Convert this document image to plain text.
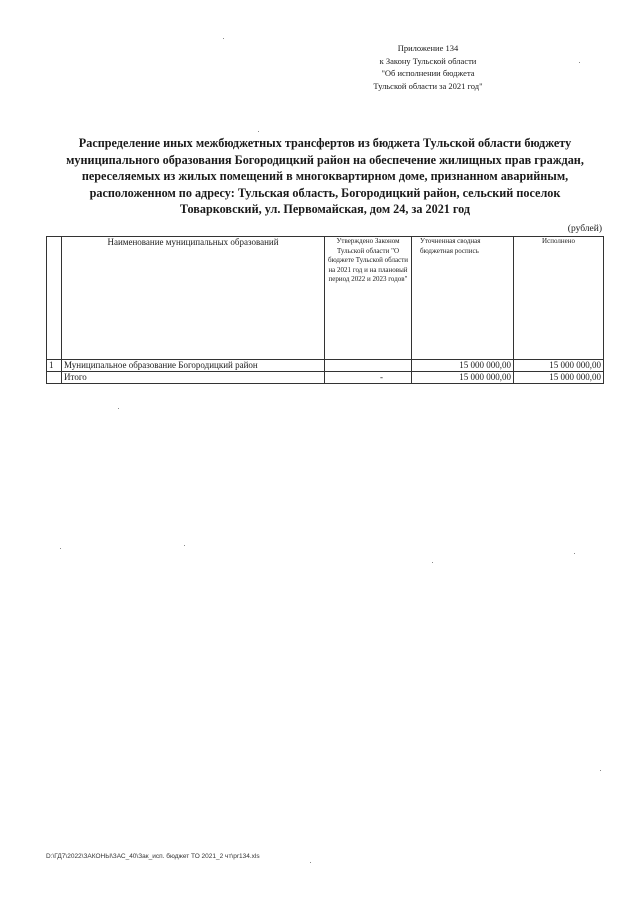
Приложение 134
к Закону Тульской области
"Об исполнении бюджета
Тульской области за 2021 год"
Распределение иных межбюджетных трансфертов из бюджета Тульской области бюджету
муниципального образования Богородицкий район на обеспечение жилищных прав граждан,
переселяемых из жилых помещений в многоквартирном доме, признанном аварийным,
расположенном по адресу: Тульская область, Богородицкий район, сельский поселок
Товарковский, ул. Первомайская, дом 24, за 2021 год
(рублей)
	Наименование муниципальных образований	Утверждено Законом Тульской области "О бюджете Тульской области на 2021 год и на плановый период 2022 и 2023 годов"	Уточненная сводная бюджетная роспись	Исполнено
1	Муниципальное образование Богородицкий район		15 000 000,00	15 000 000,00
	Итого	-	15 000 000,00	15 000 000,00
D:\ГД7\2022\ЗАКОНЫ\ЗАС_40\Зак_исп. бюджет ТО 2021_2 чт\pr134.xls
